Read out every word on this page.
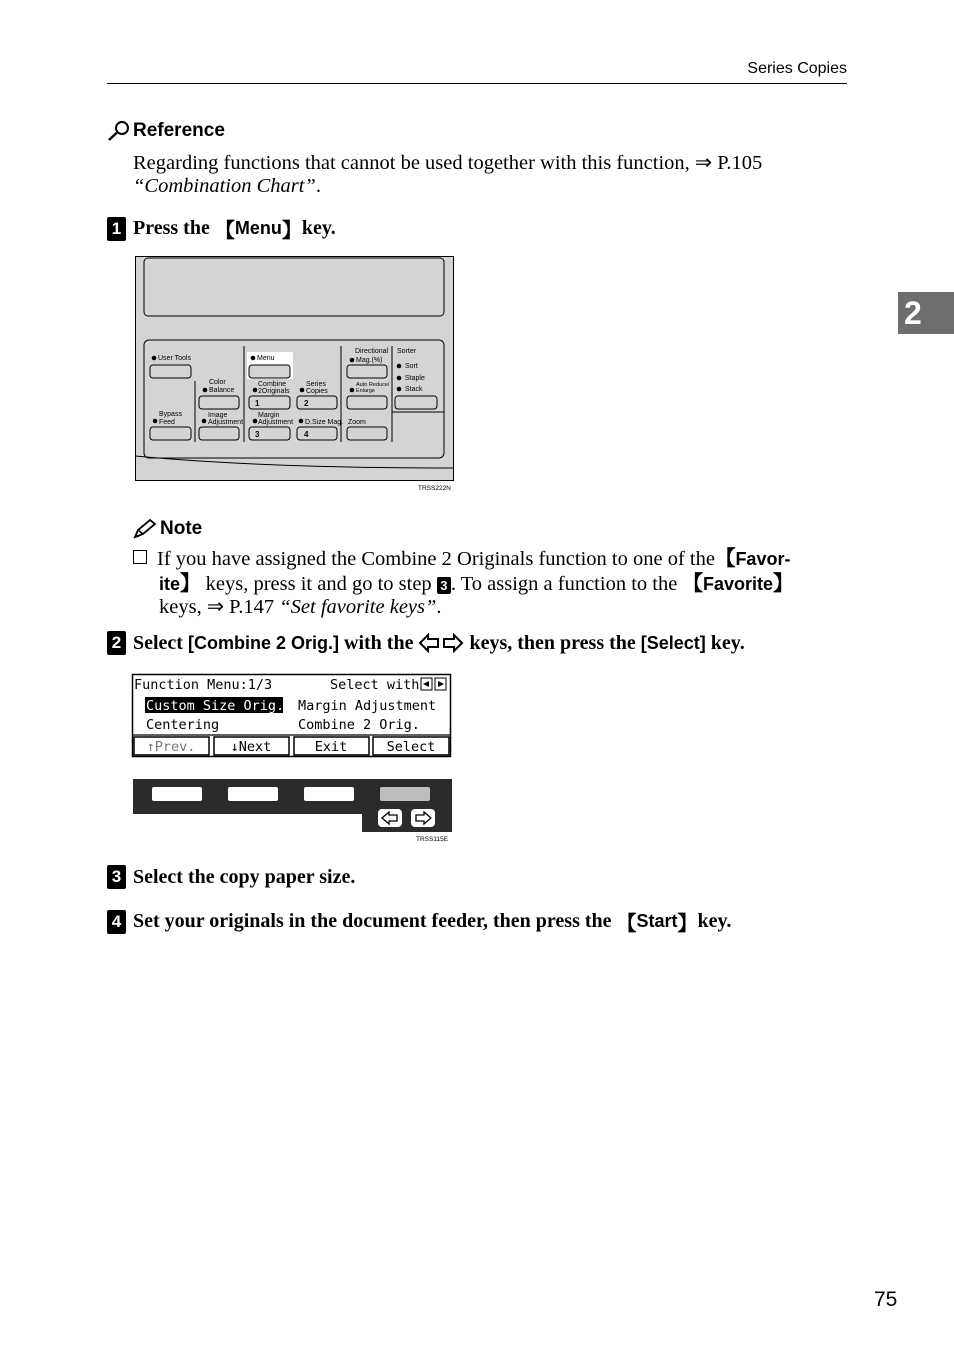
Series Copies
2
Reference
Regarding functions that cannot be used together with this function, ⇒ P.105
“Combination Chart”.
1 Press the
【 Menu 】 key.
User Tools	Menu
Color
Balance
Combine
2Originals
Series
Copies
Directional
Mag.(%)
Auto Reduce/
Enlarge
Sorter
Sort
Staple
Stack
Bypass
Feed
Image
Adjustment
Margin
Adjustment D.Size Mag. Zoom
1	2
3	4
TRSS222N
Note
If you have assigned the Combine 2 Originals function to one of the【Favor-
ite】 keys, press it and go to step 3 . To assign a function to the 【Favorite】
keys, ⇒ P.147 “Set favorite keys”.
2 Select
[Combine 2 Orig.]
with the

	keys, then press the
[Select]
key.
Function Menu:1/3	Select with
Custom Size Orig. Margin Adjustment
Centering	Combine 2 Orig.
↑Prev.	↓Next	Exit	Select
TRSS115E
3 Select the copy paper size.
4 Set your originals in the document feeder, then press the
【 Start 】 key.
75
